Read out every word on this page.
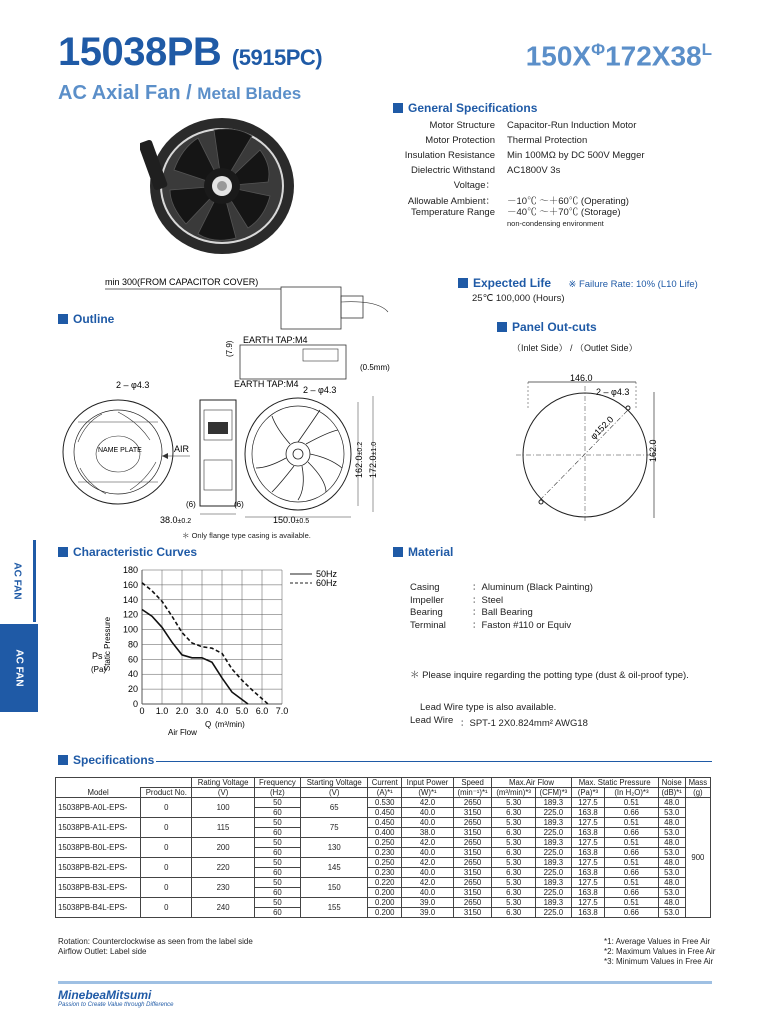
15038PB (5915PC)
AC Axial Fan / Metal Blades
$150X^\Phi 172X38^L$
General Specifications
Motor Structure	Capacitor-Run Induction Motor
Motor Protection	Thermal Protection
Insulation Resistance	Min 100MΩ by DC 500V Megger
Dielectric Withstand Voltage：
AC1800V 3s
Allowable Ambient：
Temperature Range
－10℃ ～＋60℃ (Operating)
－40℃ ～＋70℃ (Storage)
non-condensing environment
Expected Life ※ Failure Rate: 10% (L10 Life)
25℃ 100,000 (Hours)
Panel Out-cuts
（Inlet Side） / （Outlet Side）
146.0
2 – φ4.3
φ152.0
162.0
Outline
min 300(FROM CAPACITOR COVER)
EARTH TAP:M4
(7.9)
(0.5mm)
EARTH TAP:M4
2 – φ4.3
2 – φ4.3
NAME PLATE	AIR
(6)	(6)
38.0±0.2	150.0±0.5
162.0±0.2
172.0±1.0
＊ Only flange type casing is available.
AC FAN
AC FAN
Characteristic Curves
0
20
40
60
80
100
120
140
160
180
0 1.0 2.0 3.0 4.0 5.0 6.0 7.0
50Hz
60Hz
Static Pressure
Ps
(Pa)
Air Flow
Q (m³/min)
Material
Casing	：Aluminum (Black Painting)
Impeller	：Steel
Bearing	：Ball Bearing
Terminal	：Faston #110 or Equiv
＊ Please inquire regarding the potting type (dust & oil-proof type).
Lead Wire type is also available.
Lead Wire ：SPT-1 2X0.824mm² AWG18
Specifications
		Rating Voltage	Frequency	Starting Voltage	Current	Input Power	Speed	Max.Air Flow		Max. Static Pressure		Noise	Mass
Model	Product No.	(V)	(Hz)	(V)	(A)*¹	(W)*¹	(min⁻¹)*¹	(m³/min)*³	(CFM)*³	(Pa)*³	(In H₂O)*³	(dB)*¹	(g)
15038PB-A0L-EPS-	0	100	50	65	0.530	42.0	2650	5.30	189.3	127.5	0.51	48.0	900
			60		0.450	40.0	3150	6.30	225.0	163.8	0.66	53.0	
15038PB-A1L-EPS-	0	115	50	75	0.450	40.0	2650	5.30	189.3	127.5	0.51	48.0	
			60		0.400	38.0	3150	6.30	225.0	163.8	0.66	53.0	
15038PB-B0L-EPS-	0	200	50	130	0.250	42.0	2650	5.30	189.3	127.5	0.51	48.0	
			60		0.230	40.0	3150	6.30	225.0	163.8	0.66	53.0	
15038PB-B2L-EPS-	0	220	50	145	0.250	42.0	2650	5.30	189.3	127.5	0.51	48.0	
			60		0.230	40.0	3150	6.30	225.0	163.8	0.66	53.0	
15038PB-B3L-EPS-	0	230	50	150	0.220	42.0	2650	5.30	189.3	127.5	0.51	48.0	
			60		0.200	40.0	3150	6.30	225.0	163.8	0.66	53.0	
15038PB-B4L-EPS-	0	240	50	155	0.200	39.0	2650	5.30	189.3	127.5	0.51	48.0	
			60		0.200	39.0	3150	6.30	225.0	163.8	0.66	53.0	
Rotation: Counterclockwise as seen from the label side
Airflow Outlet: Label side
*1: Average Values in Free Air
*2: Maximum Values in Free Air
*3: Minimum Values in Free Air
MinebeaMitsumi
Passion to Create Value through Difference
